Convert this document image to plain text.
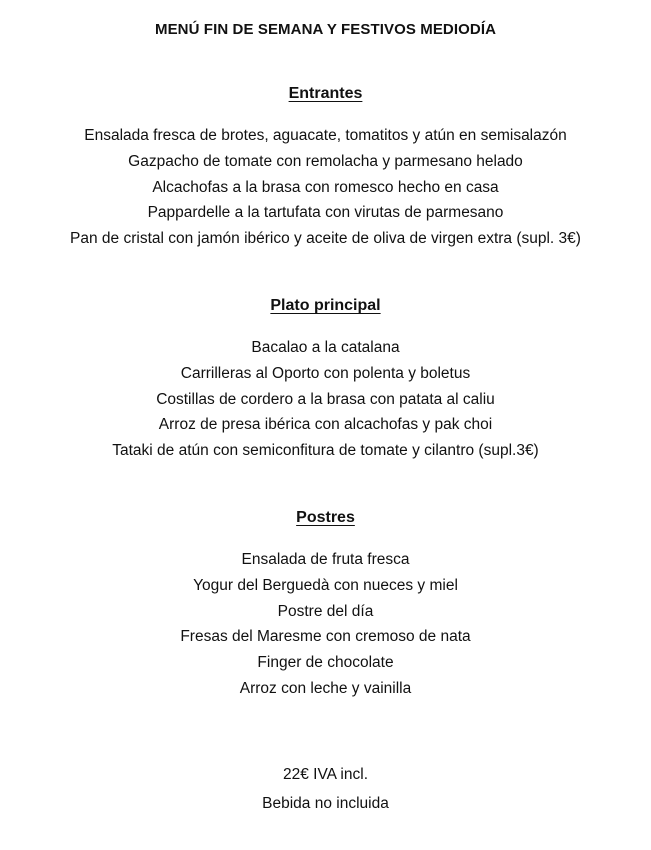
MENÚ FIN DE SEMANA Y FESTIVOS MEDIODÍA
Entrantes
Ensalada fresca de brotes, aguacate, tomatitos y atún en semisalazón
Gazpacho de tomate con remolacha y parmesano helado
Alcachofas a la brasa con romesco hecho en casa
Pappardelle a la tartufata con virutas de parmesano
Pan de cristal con jamón ibérico y aceite de oliva de virgen extra (supl. 3€)
Plato principal
Bacalao a la catalana
Carrilleras al Oporto con polenta y boletus
Costillas de cordero a la brasa con patata al caliu
Arroz de presa ibérica con alcachofas y pak choi
Tataki de atún con semiconfitura de tomate y cilantro (supl.3€)
Postres
Ensalada de fruta fresca
Yogur del Berguedà con nueces y miel
Postre del día
Fresas del Maresme con cremoso de nata
Finger de chocolate
Arroz con leche y vainilla
22€ IVA incl.
Bebida no incluida
